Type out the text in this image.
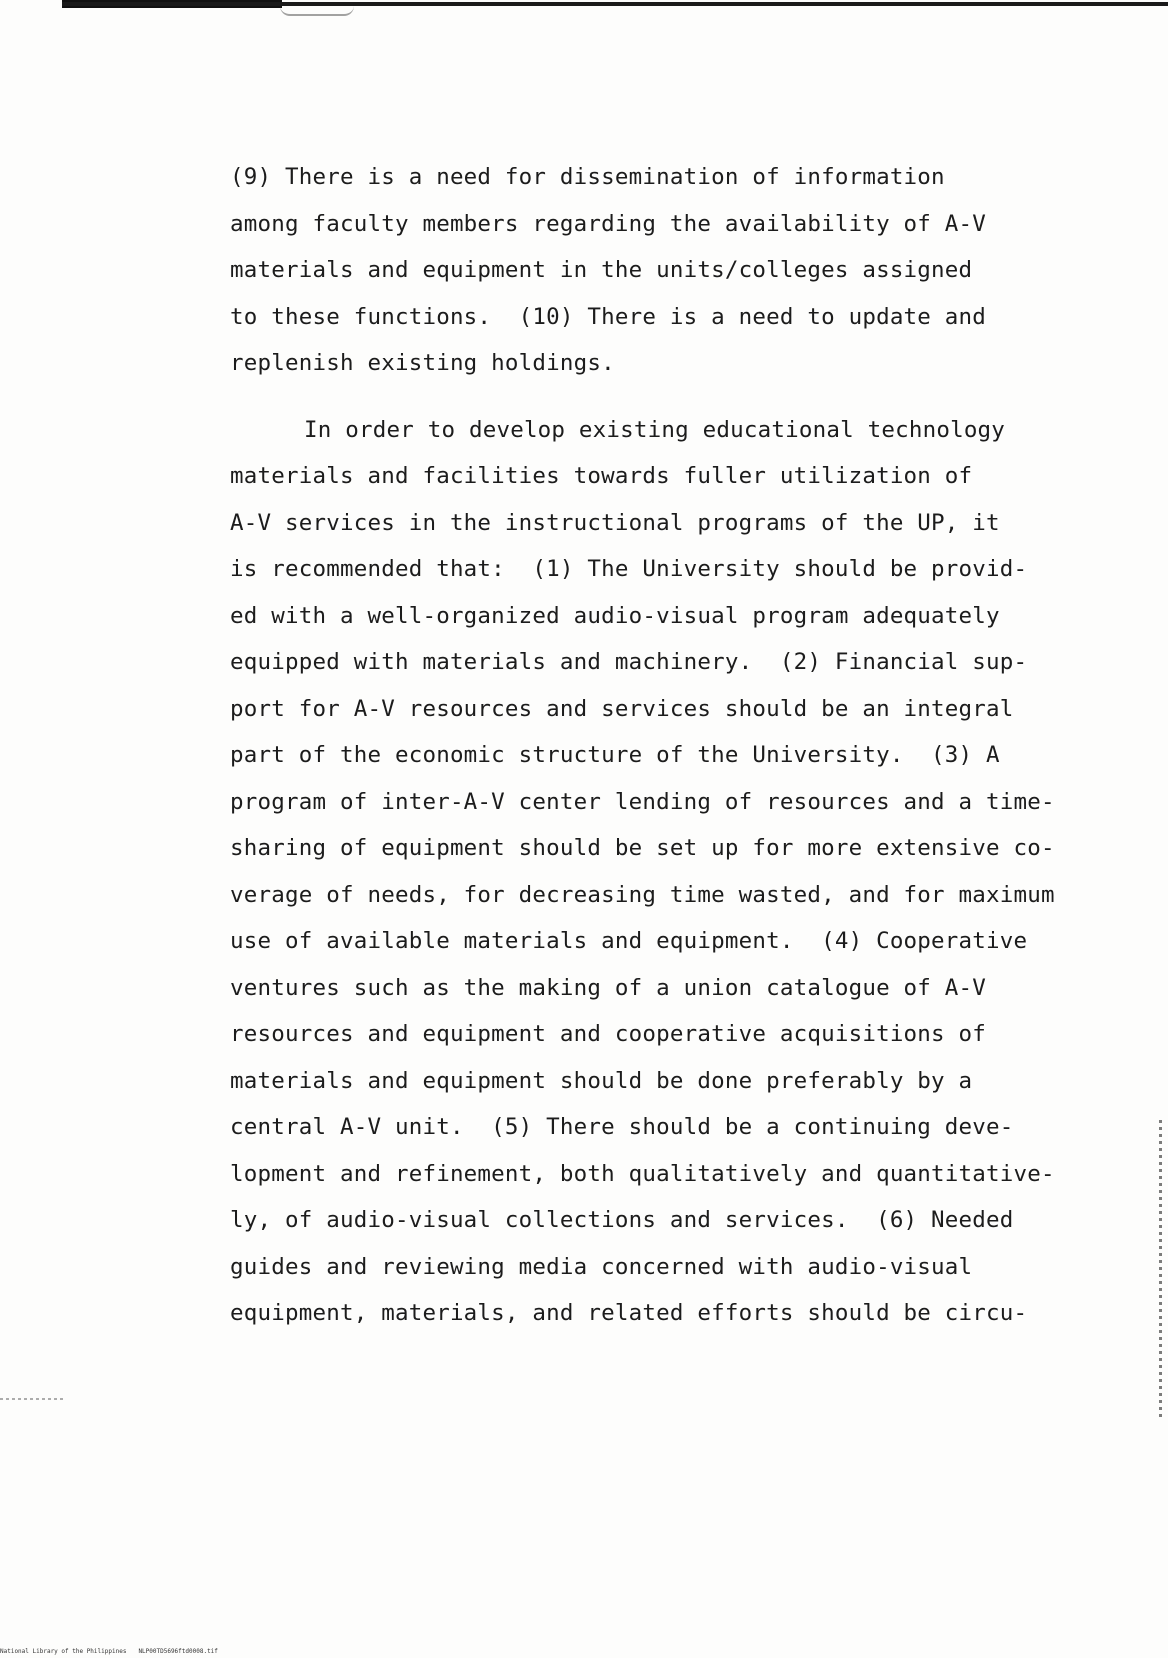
(9) There is a need for dissemination of information
among faculty members regarding the availability of A-V
materials and equipment in the units/colleges assigned
to these functions.  (10) There is a need to update and
replenish existing holdings.
In order to develop existing educational technology
materials and facilities towards fuller utilization of
A-V services in the instructional programs of the UP, it
is recommended that:  (1) The University should be provid-
ed with a well-organized audio-visual program adequately
equipped with materials and machinery.  (2) Financial sup-
port for A-V resources and services should be an integral
part of the economic structure of the University.  (3) A
program of inter-A-V center lending of resources and a time-
sharing of equipment should be set up for more extensive co-
verage of needs, for decreasing time wasted, and for maximum
use of available materials and equipment.  (4) Cooperative
ventures such as the making of a union catalogue of A-V
resources and equipment and cooperative acquisitions of
materials and equipment should be done preferably by a
central A-V unit.  (5) There should be a continuing deve-
lopment and refinement, both qualitatively and quantitative-
ly, of audio-visual collections and services.  (6) Needed
guides and reviewing media concerned with audio-visual
equipment, materials, and related efforts should be circu-
National Library of the Philippines NLP00TD5696ftd0008.tif
